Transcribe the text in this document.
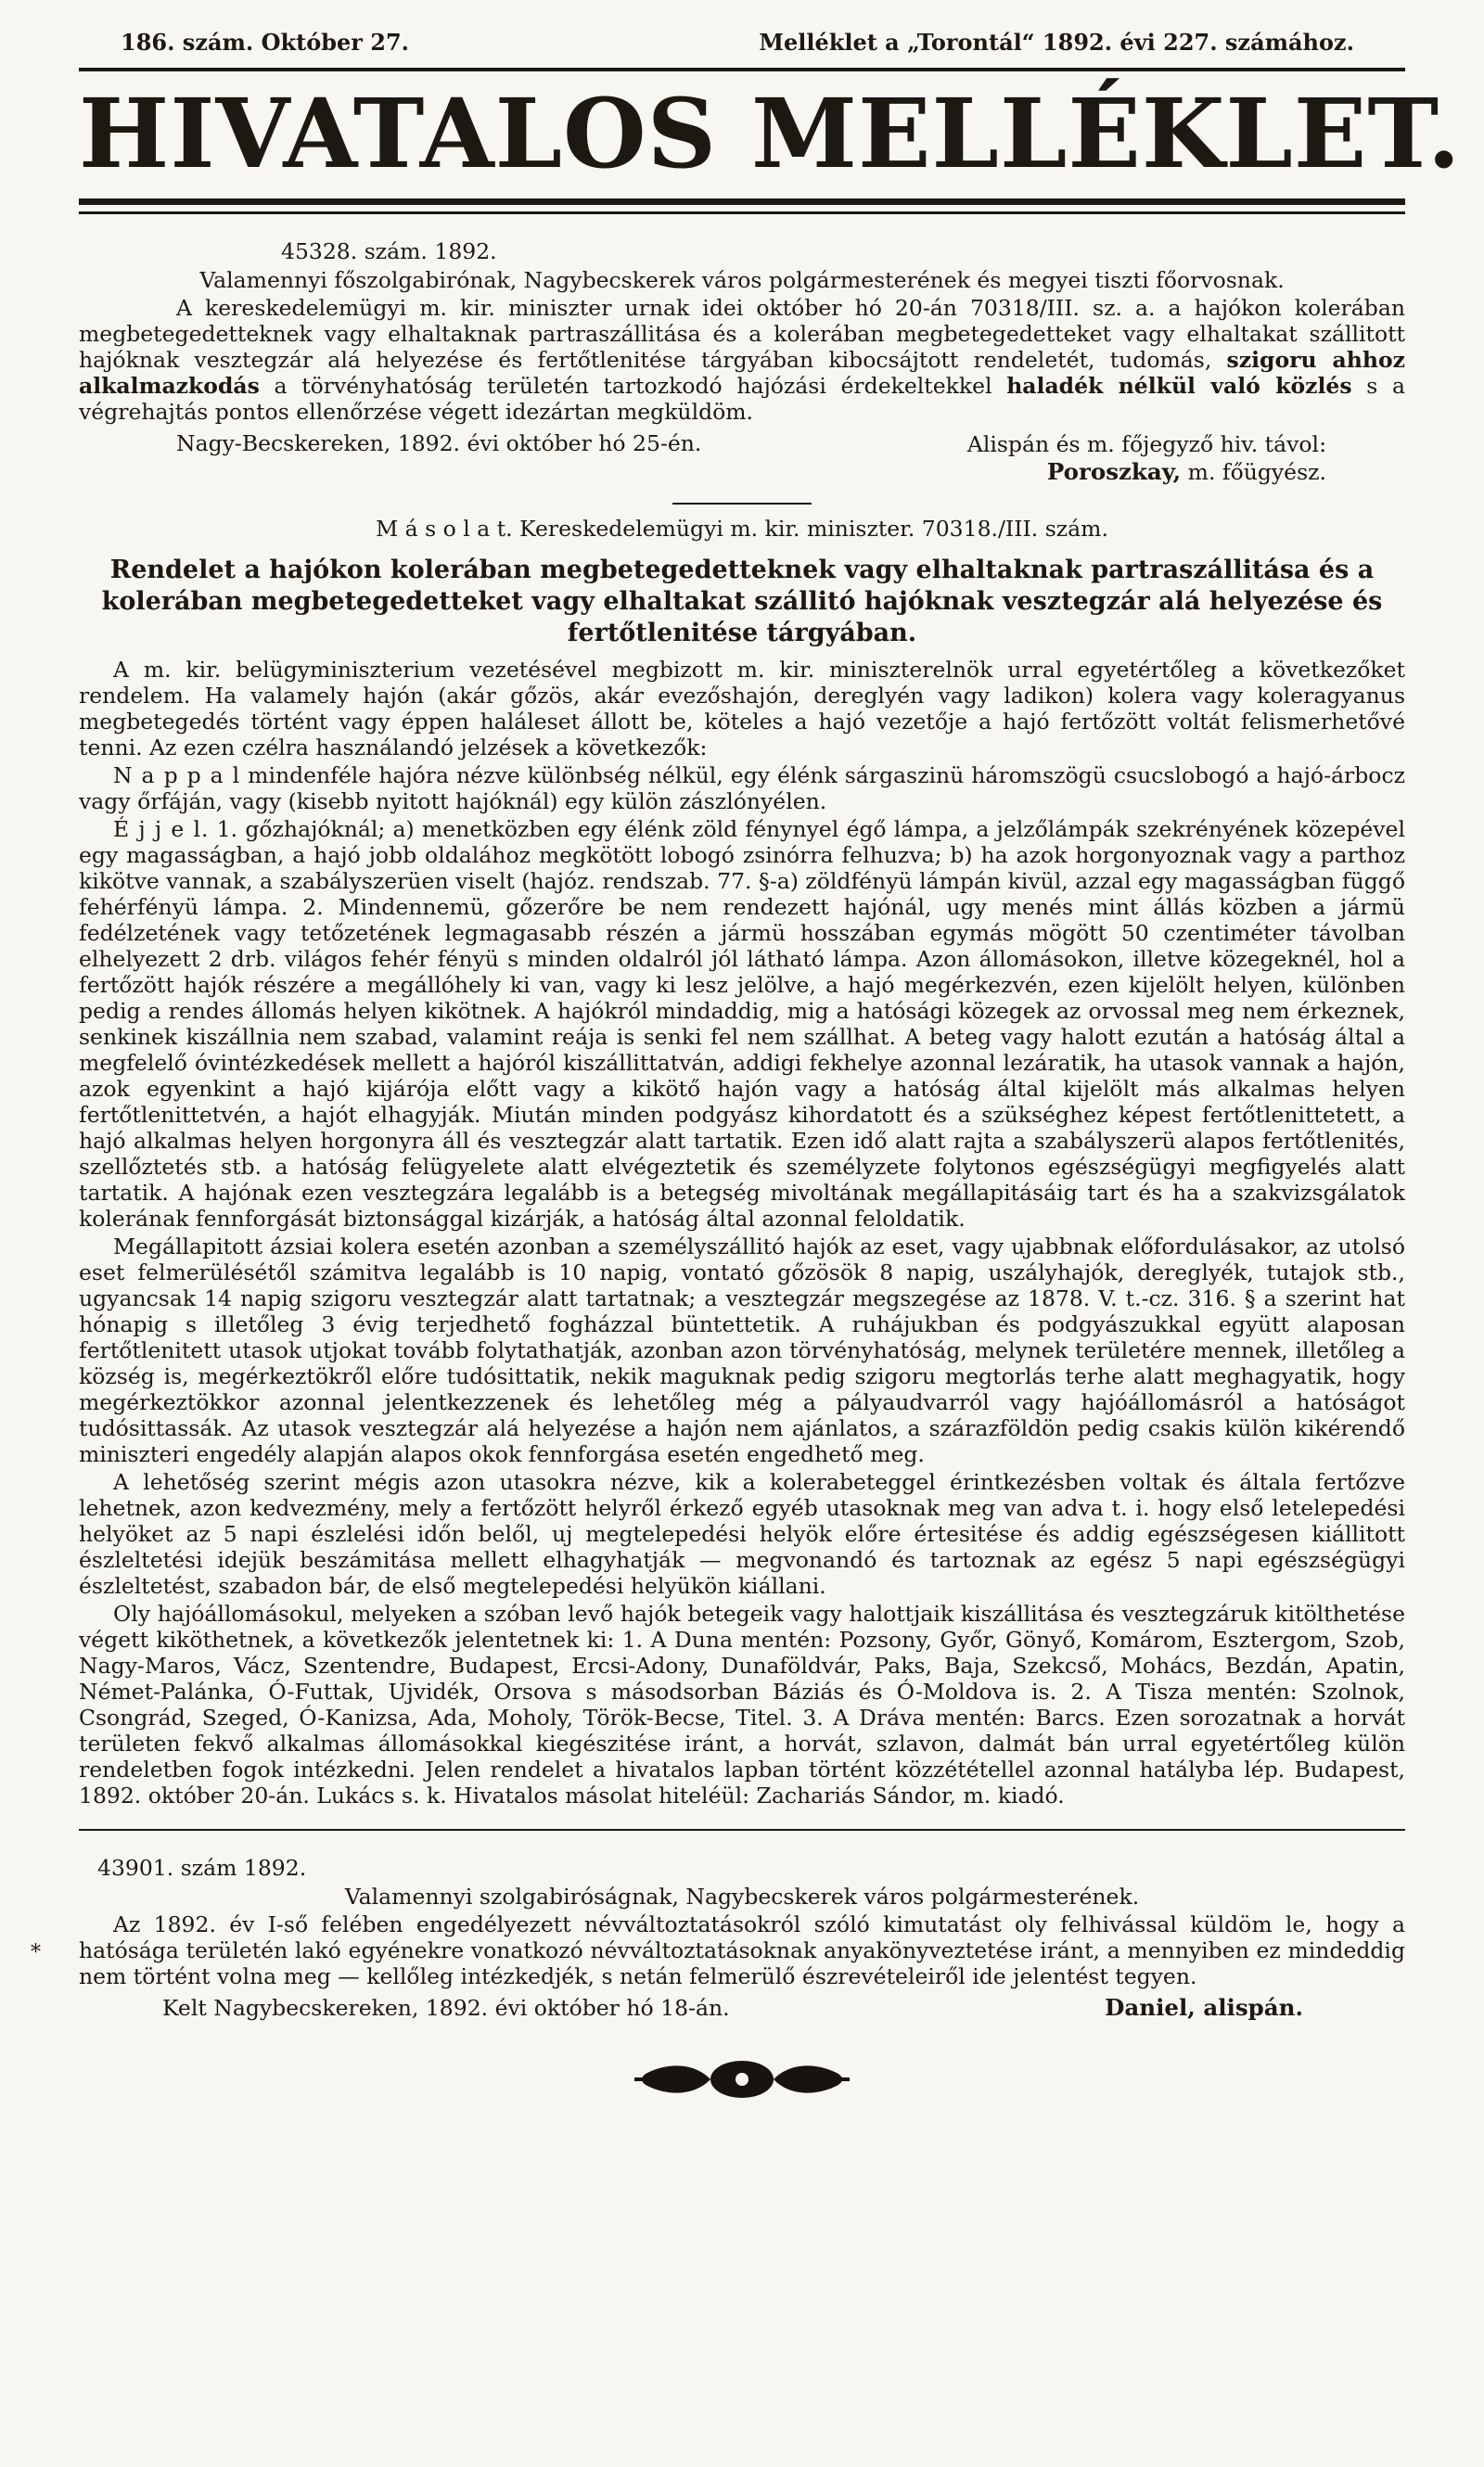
186. szám. Október 27.	Melléklet a „Torontál“ 1892. évi 227. számához.
HIVATALOS MELLÉKLET.
45328. szám. 1892.
Valamennyi főszolgabirónak, Nagybecskerek város polgármesterének és megyei tiszti főorvosnak.

A kereskedelemügyi m. kir. miniszter urnak idei október hó 20-án 70318/III. sz. a. a hajókon kolerában megbetegedetteknek vagy elhaltaknak partraszállitása és a kolerában megbetegedetteket vagy elhaltakat szállitott hajóknak vesztegzár alá helyezése és fertőtlenitése tárgyában kibocsájtott rendeletét, tudomás, szigoru ahhoz alkalmazkodás a törvényhatóság területén tartozkodó hajózási érdekeltekkel haladék nélkül való közlés s a végrehajtás pontos ellenőrzése végett idezártan megküldöm.

Nagy-Becskereken, 1892. évi október hó 25-én.	Alispán és m. főjegyző hiv. távol:
Poroszkay, m. főügyész.
M á s o l a t. Kereskedelemügyi m. kir. miniszter. 70318./III. szám.
Rendelet a hajókon kolerában megbetegedetteknek vagy elhaltaknak partraszállitása és a kolerában megbetegedetteket vagy elhaltakat szállitó hajóknak vesztegzár alá helyezése és fertőtlenitése tárgyában.

A m. kir. belügyminiszterium vezetésével megbizott m. kir. miniszterelnök urral egyetértőleg a következőket rendelem. Ha valamely hajón (akár gőzös, akár evezőshajón, dereglyén vagy ladikon) kolera vagy koleragyanus megbetegedés történt vagy éppen haláleset állott be, köteles a hajó vezetője a hajó fertőzött voltát felismerhetővé tenni. Az ezen czélra használandó jelzések a következők:

N a p p a l mindenféle hajóra nézve különbség nélkül, egy élénk sárgaszinü háromszögü csucslobogó a hajó-árbocz vagy őrfáján, vagy (kisebb nyitott hajóknál) egy külön zászlónyélen.

É j j e l. 1. gőzhajóknál; a) menetközben egy élénk zöld fénynyel égő lámpa, a jelzőlámpák szekrényének közepével egy magasságban, a hajó jobb oldalához megkötött lobogó zsinórra felhuzva; b) ha azok horgonyoznak vagy a parthoz kikötve vannak, a szabályszerüen viselt (hajóz. rendszab. 77. §-a) zöldfényü lámpán kivül, azzal egy magasságban függő fehérfényü lámpa. 2. Mindennemü, gőzerőre be nem rendezett hajónál, ugy menés mint állás közben a jármü fedélzetének vagy tetőzetének legmagasabb részén a jármü hosszában egymás mögött 50 czentiméter távolban elhelyezett 2 drb. világos fehér fényü s minden oldalról jól látható lámpa. Azon állomásokon, illetve közegeknél, hol a fertőzött hajók részére a megállóhely ki van, vagy ki lesz jelölve, a hajó megérkezvén, ezen kijelölt helyen, különben pedig a rendes állomás helyen kikötnek. A hajókról mindaddig, mig a hatósági közegek az orvossal meg nem érkeznek, senkinek kiszállnia nem szabad, valamint reája is senki fel nem szállhat. A beteg vagy halott ezután a hatóság által a megfelelő óvintézkedések mellett a hajóról kiszállittatván, addigi fekhelye azonnal lezáratik, ha utasok vannak a hajón, azok egyenkint a hajó kijárója előtt vagy a kikötő hajón vagy a hatóság által kijelölt más alkalmas helyen fertőtlenittetvén, a hajót elhagyják. Miután minden podgyász kihordatott és a szükséghez képest fertőtlenittetett, a hajó alkalmas helyen horgonyra áll és vesztegzár alatt tartatik. Ezen idő alatt rajta a szabályszerü alapos fertőtlenités, szellőztetés stb. a hatóság felügyelete alatt elvégeztetik és személyzete folytonos egészségügyi megfigyelés alatt tartatik. A hajónak ezen vesztegzára legalább is a betegség mivoltának megállapitásáig tart és ha a szakvizsgálatok kolerának fennforgását biztonsággal kizárják, a hatóság által azonnal feloldatik.

Megállapitott ázsiai kolera esetén azonban a személyszállitó hajók az eset, vagy ujabbnak előfordulásakor, az utolsó eset felmerülésétől számitva legalább is 10 napig, vontató gőzösök 8 napig, uszályhajók, dereglyék, tutajok stb., ugyancsak 14 napig szigoru vesztegzár alatt tartatnak; a vesztegzár megszegése az 1878. V. t.-cz. 316. § a szerint hat hónapig s illetőleg 3 évig terjedhető fogházzal büntettetik. A ruhájukban és podgyászukkal együtt alaposan fertőtlenitett utasok utjokat tovább folytathatják, azonban azon törvényhatóság, melynek területére mennek, illetőleg a község is, megérkeztökről előre tudósittatik, nekik maguknak pedig szigoru megtorlás terhe alatt meghagyatik, hogy megérkeztökkor azonnal jelentkezzenek és lehetőleg még a pályaudvarról vagy hajóállomásról a hatóságot tudósittassák. Az utasok vesztegzár alá helyezése a hajón nem ajánlatos, a szárazföldön pedig csakis külön kikérendő miniszteri engedély alapján alapos okok fennforgása esetén engedhető meg.

A lehetőség szerint mégis azon utasokra nézve, kik a kolerabeteggel érintkezésben voltak és általa fertőzve lehetnek, azon kedvezmény, mely a fertőzött helyről érkező egyéb utasoknak meg van adva t. i. hogy első letelepedési helyöket az 5 napi észlelési időn belől, uj megtelepedési helyök előre értesitése és addig egészségesen kiállitott észleltetési idejük beszámitása mellett elhagyhatják — megvonandó és tartoznak az egész 5 napi egészségügyi észleltetést, szabadon bár, de első megtelepedési helyükön kiállani.

Oly hajóállomásokul, melyeken a szóban levő hajók betegeik vagy halottjaik kiszállitása és vesztegzáruk kitölthetése végett kiköthetnek, a következők jelentetnek ki: 1. A Duna mentén: Pozsony, Győr, Gönyő, Komárom, Esztergom, Szob, Nagy-Maros, Vácz, Szentendre, Budapest, Ercsi-Adony, Dunaföldvár, Paks, Baja, Szekcső, Mohács, Bezdán, Apatin, Német-Palánka, Ó-Futtak, Ujvidék, Orsova s másodsorban Báziás és Ó-Moldova is. 2. A Tisza mentén: Szolnok, Csongrád, Szeged, Ó-Kanizsa, Ada, Moholy, Török-Becse, Titel. 3. A Dráva mentén: Barcs. Ezen sorozatnak a horvát területen fekvő alkalmas állomásokkal kiegészitése iránt, a horvát, szlavon, dalmát bán urral egyetértőleg külön rendeletben fogok intézkedni. Jelen rendelet a hivatalos lapban történt közzététellel azonnal hatályba lép. Budapest, 1892. október 20-án. Lukács s. k. Hivatalos másolat hiteléül: Zachariás Sándor, m. kiadó.

43901. szám 1892.
Valamennyi szolgabiróságnak, Nagybecskerek város polgármesterének.
*

Az 1892. év I-ső felében engedélyezett névváltoztatásokról szóló kimutatást oly felhivással küldöm le, hogy a hatósága területén lakó egyénekre vonatkozó névváltoztatásoknak anyakönyveztetése iránt, a mennyiben ez mindeddig nem történt volna meg — kellőleg intézkedjék, s netán felmerülő észrevételeiről ide jelentést tegyen.

Kelt Nagybecskereken, 1892. évi október hó 18-án.	Daniel, alispán.
